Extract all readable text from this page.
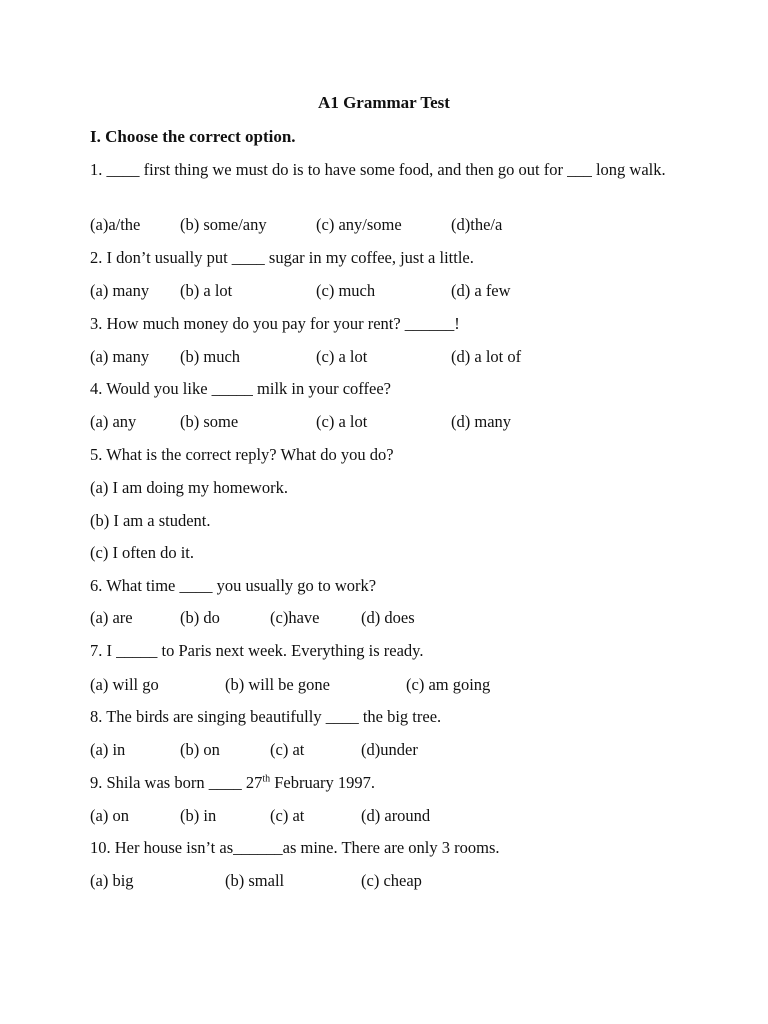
A1 Grammar Test
I. Choose the correct option.
1. ____ first thing we must do is to have some food, and then go out for ___ long walk.
(a)a/the (b) some/any	(c) any/some	(d)the/a
2. I don’t usually put ____ sugar in my coffee, just a little.
(a) many (b) a lot	(c) much	(d) a few
3. How much money do you pay for your rent? ______!
(a) many (b) much	(c) a lot	(d) a lot of
4. Would you like _____ milk in your coffee?
(a) any	(b) some	(c) a lot	(d) many
5. What is the correct reply? What do you do?
(a) I am doing my homework.
(b) I am a student.
(c) I often do it.
6. What time ____ you usually go to work?
(a) are	(b) do	(c)have	(d) does
7. I _____ to Paris next week. Everything is ready.
(a) will go	(b) will be gone	(c) am going
8. The birds are singing beautifully ____ the big tree.
(a) in	(b) on	(c) at	(d)under
9. Shila was born ____ 27th February 1997.
(a) on	(b) in	(c) at	(d) around
10. Her house isn’t as______as mine. There are only 3 rooms.
(a) big	(b) small	(c) cheap
